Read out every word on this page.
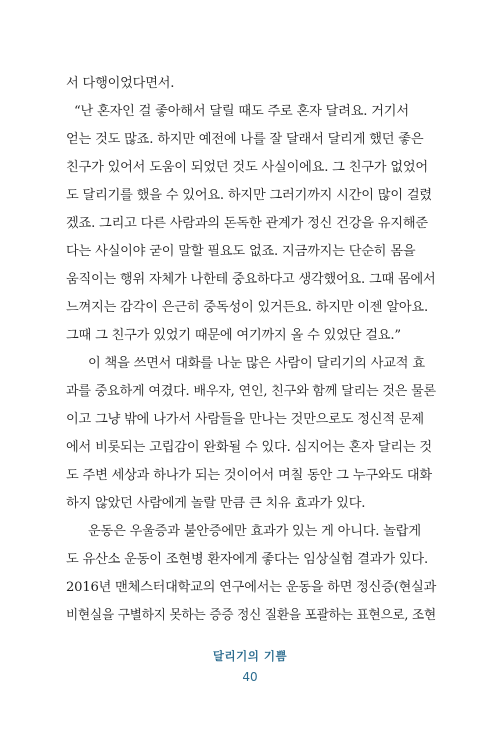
서 다행이었다면서.
“난 혼자인 걸 좋아해서 달릴 때도 주로 혼자 달려요. 거기서
얻는 것도 많죠. 하지만 예전에 나를 잘 달래서 달리게 했던 좋은
친구가 있어서 도움이 되었던 것도 사실이에요. 그 친구가 없었어
도 달리기를 했을 수 있어요. 하지만 그러기까지 시간이 많이 걸렸
겠죠. 그리고 다른 사람과의 돈독한 관계가 정신 건강을 유지해준
다는 사실이야 굳이 말할 필요도 없죠. 지금까지는 단순히 몸을
움직이는 행위 자체가 나한테 중요하다고 생각했어요. 그때 몸에서
느껴지는 감각이 은근히 중독성이 있거든요. 하지만 이젠 알아요.
그때 그 친구가 있었기 때문에 여기까지 올 수 있었단 걸요.”
이 책을 쓰면서 대화를 나눈 많은 사람이 달리기의 사교적 효
과를 중요하게 여겼다. 배우자, 연인, 친구와 함께 달리는 것은 물론
이고 그냥 밖에 나가서 사람들을 만나는 것만으로도 정신적 문제
에서 비롯되는 고립감이 완화될 수 있다. 심지어는 혼자 달리는 것
도 주변 세상과 하나가 되는 것이어서 며칠 동안 그 누구와도 대화
하지 않았던 사람에게 놀랄 만큼 큰 치유 효과가 있다.
운동은 우울증과 불안증에만 효과가 있는 게 아니다. 놀랍게
도 유산소 운동이 조현병 환자에게 좋다는 임상실험 결과가 있다.
2016년 맨체스터대학교의 연구에서는 운동을 하면 정신증(현실과
비현실을 구별하지 못하는 증증 정신 질환을 포괄하는 표현으로, 조현
달리기의 기쁨
40
